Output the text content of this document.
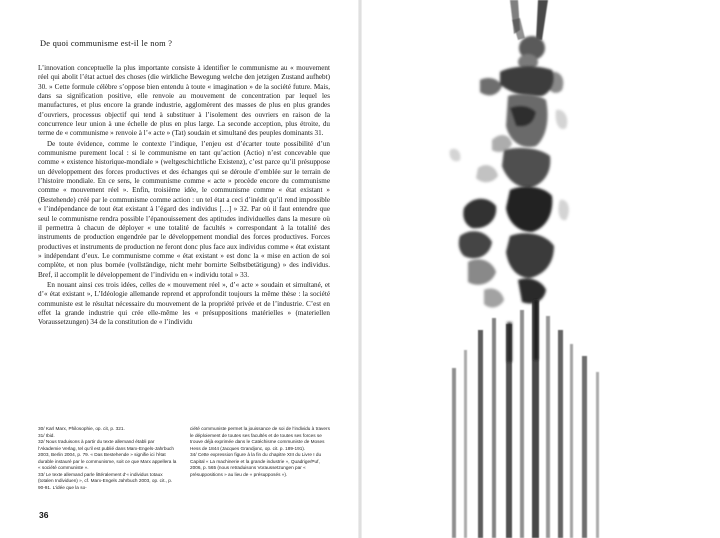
De quoi communisme est-il le nom ?

L’innovation conceptuelle la plus importante consiste à identifier le communisme au « mouvement réel qui abolit l’état actuel des choses (die wirkliche Bewegung welche den jetzigen Zustand aufhebt) 30. » Cette formule célèbre s’oppose bien entendu à toute « imagination » de la société future. Mais, dans sa signification positive, elle renvoie au mouvement de concentration par lequel les manufactures, et plus encore la grande industrie, agglomèrent des masses de plus en plus grandes d’ouvriers, processus objectif qui tend à substituer à l’isolement des ouvriers en raison de la concurrence leur union à une échelle de plus en plus large. La seconde acception, plus étroite, du terme de « communisme » renvoie à l’« acte » (Tat) soudain et simultané des peuples dominants 31.

De toute évidence, comme le contexte l’indique, l’enjeu est d’écarter toute possibilité d’un communisme purement local : si le communisme en tant qu’action (Actio) n’est concevable que comme « existence historique-mondiale » (weltgeschichtliche Existenz), c’est parce qu’il présuppose un développement des forces productives et des échanges qui se déroule d’emblée sur le terrain de l’histoire mondiale. En ce sens, le communisme comme « acte » procède encore du communisme comme « mouvement réel ». Enfin, troisième idée, le communisme comme « état existant » (Bestehende) créé par le communisme comme action : un tel état a ceci d’inédit qu’il rend impossible « l’indépendance de tout état existant à l’égard des individus […] » 32. Par où il faut entendre que seul le communisme rendra possible l’épanouissement des aptitudes individuelles dans la mesure où il permettra à chacun de déployer « une totalité de facultés » correspondant à la totalité des instruments de production engendrée par le développement mondial des forces productives. Forces productives et instruments de production ne feront donc plus face aux individus comme « état existant » indépendant d’eux. Le communisme comme « état existant » est donc la « mise en action de soi complète, et non plus bornée (vollständige, nicht mehr bornirte Selbstbetätigung) » des individus. Bref, il accomplit le développement de l’individu en « individu total » 33.

En nouant ainsi ces trois idées, celles de « mouvement réel », d’« acte » soudain et simultané, et d’« état existant », L’Idéologie allemande reprend et approfondit toujours la même thèse : la société communiste est le résultat nécessaire du mouvement de la propriété privée et de l’industrie. C’est en effet la grande industrie qui crée elle-même les « présuppositions matérielles » (materiellen Voraussetzungen) 34 de la constitution de « l’individu

30/ Karl Marx, Philosophie, op. cit, p. 321.

31/ Ibid.

32/ Nous traduisons à partir du texte allemand établi par l’Akademie Verlag, tel qu’il est publié dans Marx-Engels-Jahrbuch 2003, Berlin 2004, p. 79. « Das Bestehende » signifie ici l’état durable instauré par le communisme, soit ce que Marx appellera la « société communiste ».

33/ Le texte allemand parle littéralement d’« individus totaux (totalen Individuen) », cf. Marx-Engels Jahrbuch 2003, op. cit., p. 90-91. L’idée que la so-

ciété communiste permet la jouissance de soi de l’individu à travers le déploiement de toutes ses facultés et de toutes ses forces se trouve déjà exprimée dans le Catéchisme communiste de Moses Hess de 1844 (Jacques Grandjonc, op. cit. p. 189-191).

34/ Cette expression figure à la fin du chapitre XIII du Livre I du Capital « La machinerie et la grande industrie », Quadrige/Puf, 2006, p. 565 (nous retraduisons Voraussetzungen par « présuppositions » au lieu de « présupposés »).

36
